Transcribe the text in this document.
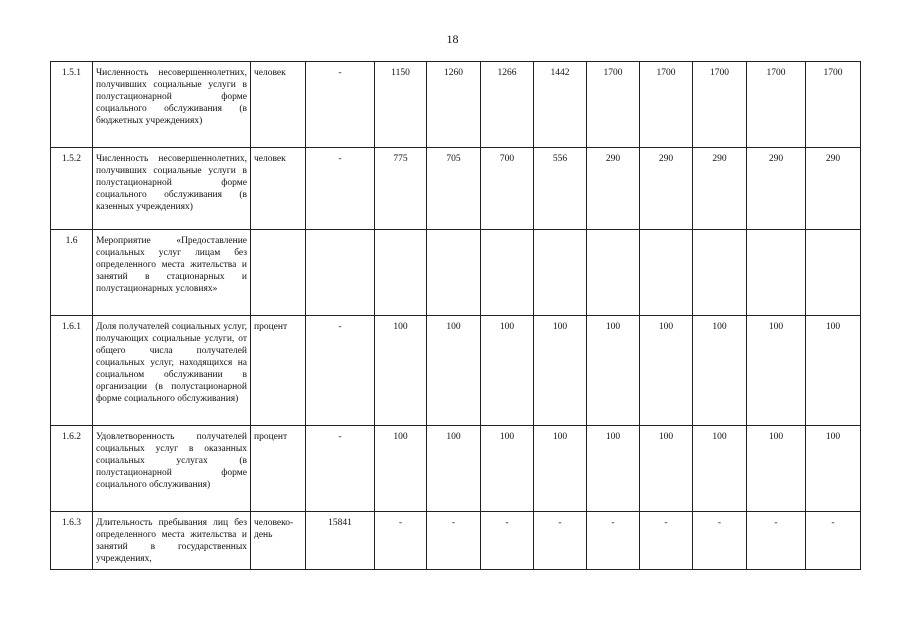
18
1.5.1	Численность несовершеннолетних, получивших социальные услуги в полустационарной форме социального обслуживания (в бюджетных учреждениях)	человек	-	1150	1260	1266	1442	1700	1700	1700	1700	1700
1.5.2	Численность несовершеннолетних, получивших социальные услуги в полустационарной форме социального обслуживания (в казенных учреждениях)	человек	-	775	705	700	556	290	290	290	290	290
1.6	Мероприятие «Предоставление социальных услуг лицам без определенного места жительства и занятий в стационарных и полустационарных условиях»											
1.6.1	Доля получателей социальных услуг, получающих социальные услуги, от общего числа получателей социальных услуг, находящихся на социальном обслуживании в организации (в полустационарной форме социального обслуживания)	процент	-	100	100	100	100	100	100	100	100	100
1.6.2	Удовлетворенность получателей социальных услуг в оказанных социальных услугах (в полустационарной форме социального обслуживания)	процент	-	100	100	100	100	100	100	100	100	100
1.6.3	Длительность пребывания лиц без определенного места жительства и занятий в государственных учреждениях,	человеко-день	15841	-	-	-	-	-	-	-	-	-
